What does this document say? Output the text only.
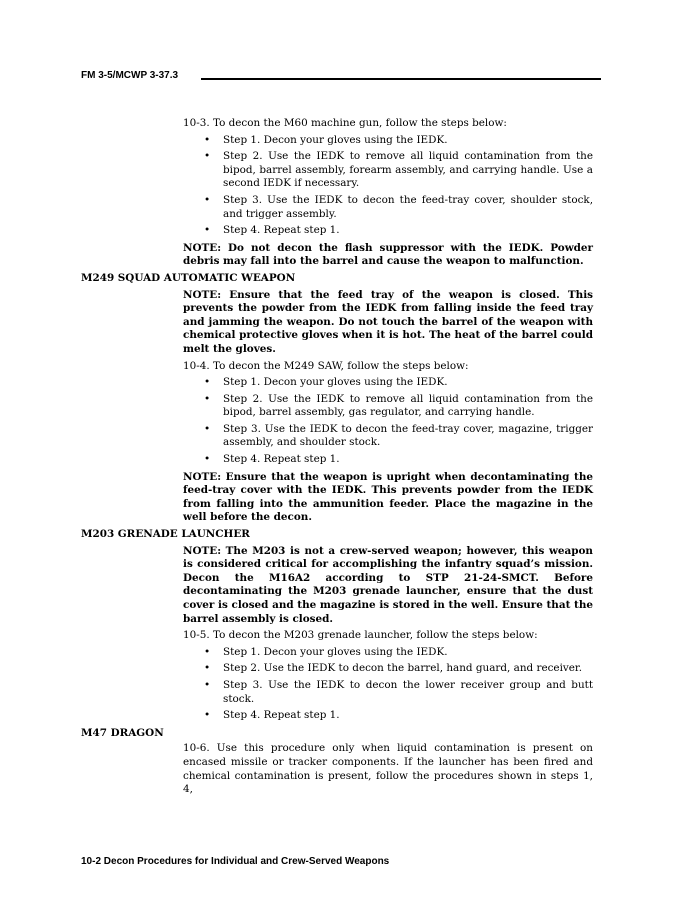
FM 3-5/MCWP 3-37.3

10-3. To decon the M60 machine gun, follow the steps below:

• Step 1. Decon your gloves using the IEDK.
• Step 2. Use the IEDK to remove all liquid contamination from the bipod, barrel assembly, forearm assembly, and carrying handle. Use a second IEDK if necessary.
• Step 3. Use the IEDK to decon the feed-tray cover, shoulder stock, and trigger assembly.
• Step 4. Repeat step 1.

NOTE: Do not decon the flash suppressor with the IEDK. Powder debris may fall into the barrel and cause the weapon to malfunction.

M249 SQUAD AUTOMATIC WEAPON

NOTE: Ensure that the feed tray of the weapon is closed. This prevents the powder from the IEDK from falling inside the feed tray and jamming the weapon. Do not touch the barrel of the weapon with chemical protective gloves when it is hot. The heat of the barrel could melt the gloves.

10-4. To decon the M249 SAW, follow the steps below:

• Step 1. Decon your gloves using the IEDK.
• Step 2. Use the IEDK to remove all liquid contamination from the bipod, barrel assembly, gas regulator, and carrying handle.
• Step 3. Use the IEDK to decon the feed-tray cover, magazine, trigger assembly, and shoulder stock.
• Step 4. Repeat step 1.

NOTE: Ensure that the weapon is upright when decontaminating the feed-tray cover with the IEDK. This prevents powder from the IEDK from falling into the ammunition feeder. Place the magazine in the well before the decon.

M203 GRENADE LAUNCHER

NOTE: The M203 is not a crew-served weapon; however, this weapon is considered critical for accomplishing the infantry squad’s mission. Decon the M16A2 according to STP 21-24-SMCT. Before decontaminating the M203 grenade launcher, ensure that the dust cover is closed and the magazine is stored in the well. Ensure that the barrel assembly is closed.

10-5. To decon the M203 grenade launcher, follow the steps below:

• Step 1. Decon your gloves using the IEDK.
• Step 2. Use the IEDK to decon the barrel, hand guard, and receiver.
• Step 3. Use the IEDK to decon the lower receiver group and butt stock.
• Step 4. Repeat step 1.
M47 DRAGON

10-6. Use this procedure only when liquid contamination is present on encased missile or tracker components. If the launcher has been fired and chemical contamination is present, follow the procedures shown in steps 1, 4,

10-2 Decon Procedures for Individual and Crew-Served Weapons
